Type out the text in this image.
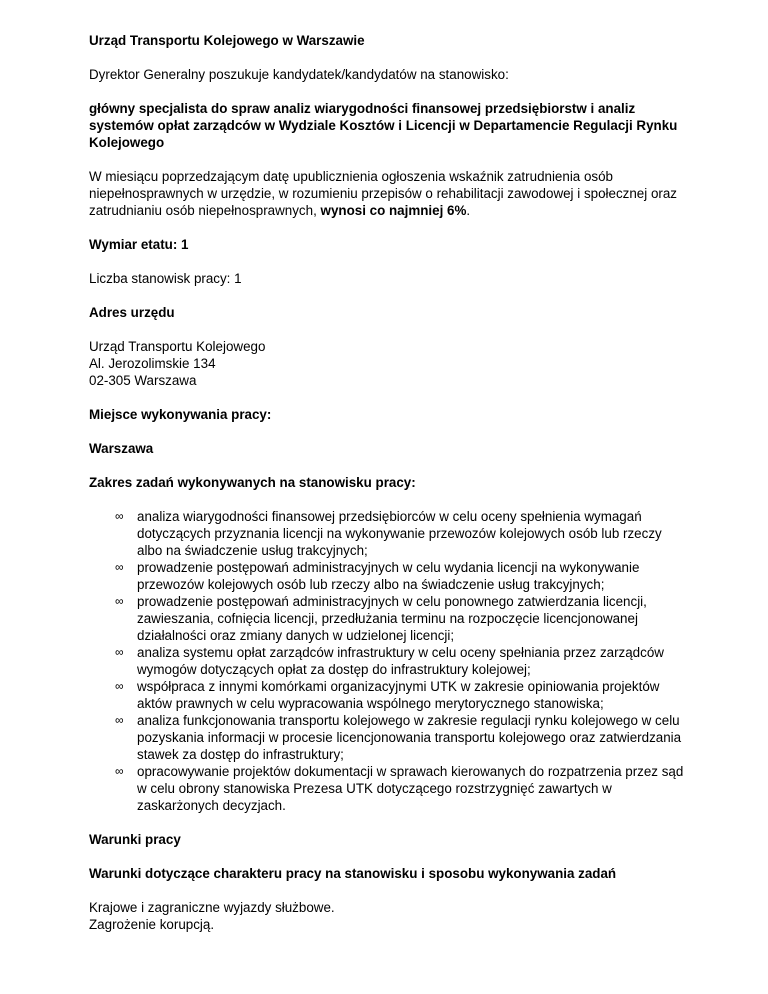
Urząd Transportu Kolejowego w Warszawie

Dyrektor Generalny poszukuje kandydatek/kandydatów na stanowisko:

główny specjalista do spraw analiz wiarygodności finansowej przedsiębiorstw i analiz systemów opłat zarządców w Wydziale Kosztów i Licencji w Departamencie Regulacji Rynku Kolejowego

W miesiącu poprzedzającym datę upublicznienia ogłoszenia wskaźnik zatrudnienia osób niepełnosprawnych w urzędzie, w rozumieniu przepisów o rehabilitacji zawodowej i społecznej oraz zatrudnianiu osób niepełnosprawnych, wynosi co najmniej 6%.

Wymiar etatu: 1

Liczba stanowisk pracy: 1

Adres urzędu

Urząd Transportu Kolejowego

Al. Jerozolimskie 134

02-305 Warszawa

Miejsce wykonywania pracy:

Warszawa

Zakres zadań wykonywanych na stanowisku pracy:

∞ analiza wiarygodności finansowej przedsiębiorców w celu oceny spełnienia wymagań dotyczących przyznania licencji na wykonywanie przewozów kolejowych osób lub rzeczy albo na świadczenie usług trakcyjnych;
∞ prowadzenie postępowań administracyjnych w celu wydania licencji na wykonywanie przewozów kolejowych osób lub rzeczy albo na świadczenie usług trakcyjnych;
∞ prowadzenie postępowań administracyjnych w celu ponownego zatwierdzania licencji, zawieszania, cofnięcia licencji, przedłużania terminu na rozpoczęcie licencjonowanej działalności oraz zmiany danych w udzielonej licencji;
∞ analiza systemu opłat zarządców infrastruktury w celu oceny spełniania przez zarządców wymogów dotyczących opłat za dostęp do infrastruktury kolejowej;
∞ współpraca z innymi komórkami organizacyjnymi UTK w zakresie opiniowania projektów aktów prawnych w celu wypracowania wspólnego merytorycznego stanowiska;
∞ analiza funkcjonowania transportu kolejowego w zakresie regulacji rynku kolejowego w celu pozyskania informacji w procesie licencjonowania transportu kolejowego oraz zatwierdzania stawek za dostęp do infrastruktury;
∞ opracowywanie projektów dokumentacji w sprawach kierowanych do rozpatrzenia przez sąd w celu obrony stanowiska Prezesa UTK dotyczącego rozstrzygnięć zawartych w zaskarżonych decyzjach.

Warunki pracy

Warunki dotyczące charakteru pracy na stanowisku i sposobu wykonywania zadań

Krajowe i zagraniczne wyjazdy służbowe.

Zagrożenie korupcją.
